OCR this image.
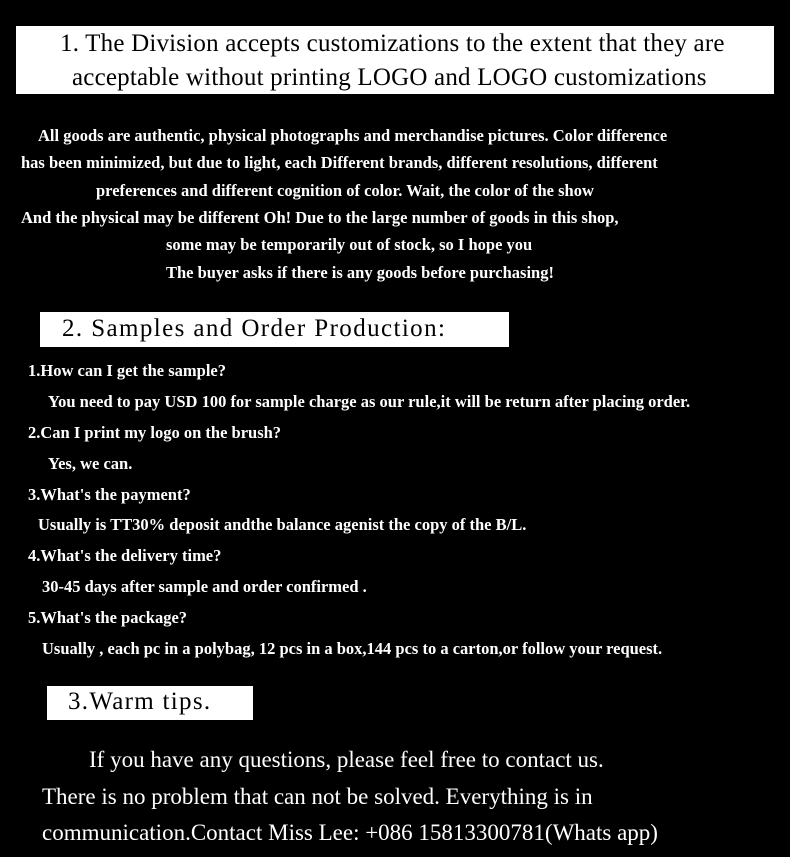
1. The Division accepts customizations to the extent that they are
acceptable without printing LOGO and LOGO customizations
All goods are authentic, physical photographs and merchandise pictures. Color difference
has been minimized, but due to light, each Different brands, different resolutions, different
preferences and different cognition of color. Wait, the color of the show
And the physical may be different Oh! Due to the large number of goods in this shop,
some may be temporarily out of stock, so I hope you
The buyer asks if there is any goods before purchasing!
2. Samples and Order Production:
1.How can I get the sample?
You need to pay USD 100 for sample charge as our rule,it will be return after placing order.
2.Can I print my logo on the brush?
Yes, we can.
3.What's the payment?
Usually is TT30% deposit andthe balance agenist the copy of the B/L.
4.What's the delivery time?
30-45 days after sample and order confirmed .
5.What's the package?
Usually , each pc in a polybag, 12 pcs in a box,144 pcs to a carton,or follow your request.
3.Warm tips.
If you have any questions, please feel free to contact us.
There is no problem that can not be solved. Everything is in
communication.Contact Miss Lee: +086 15813300781(Whats app)
